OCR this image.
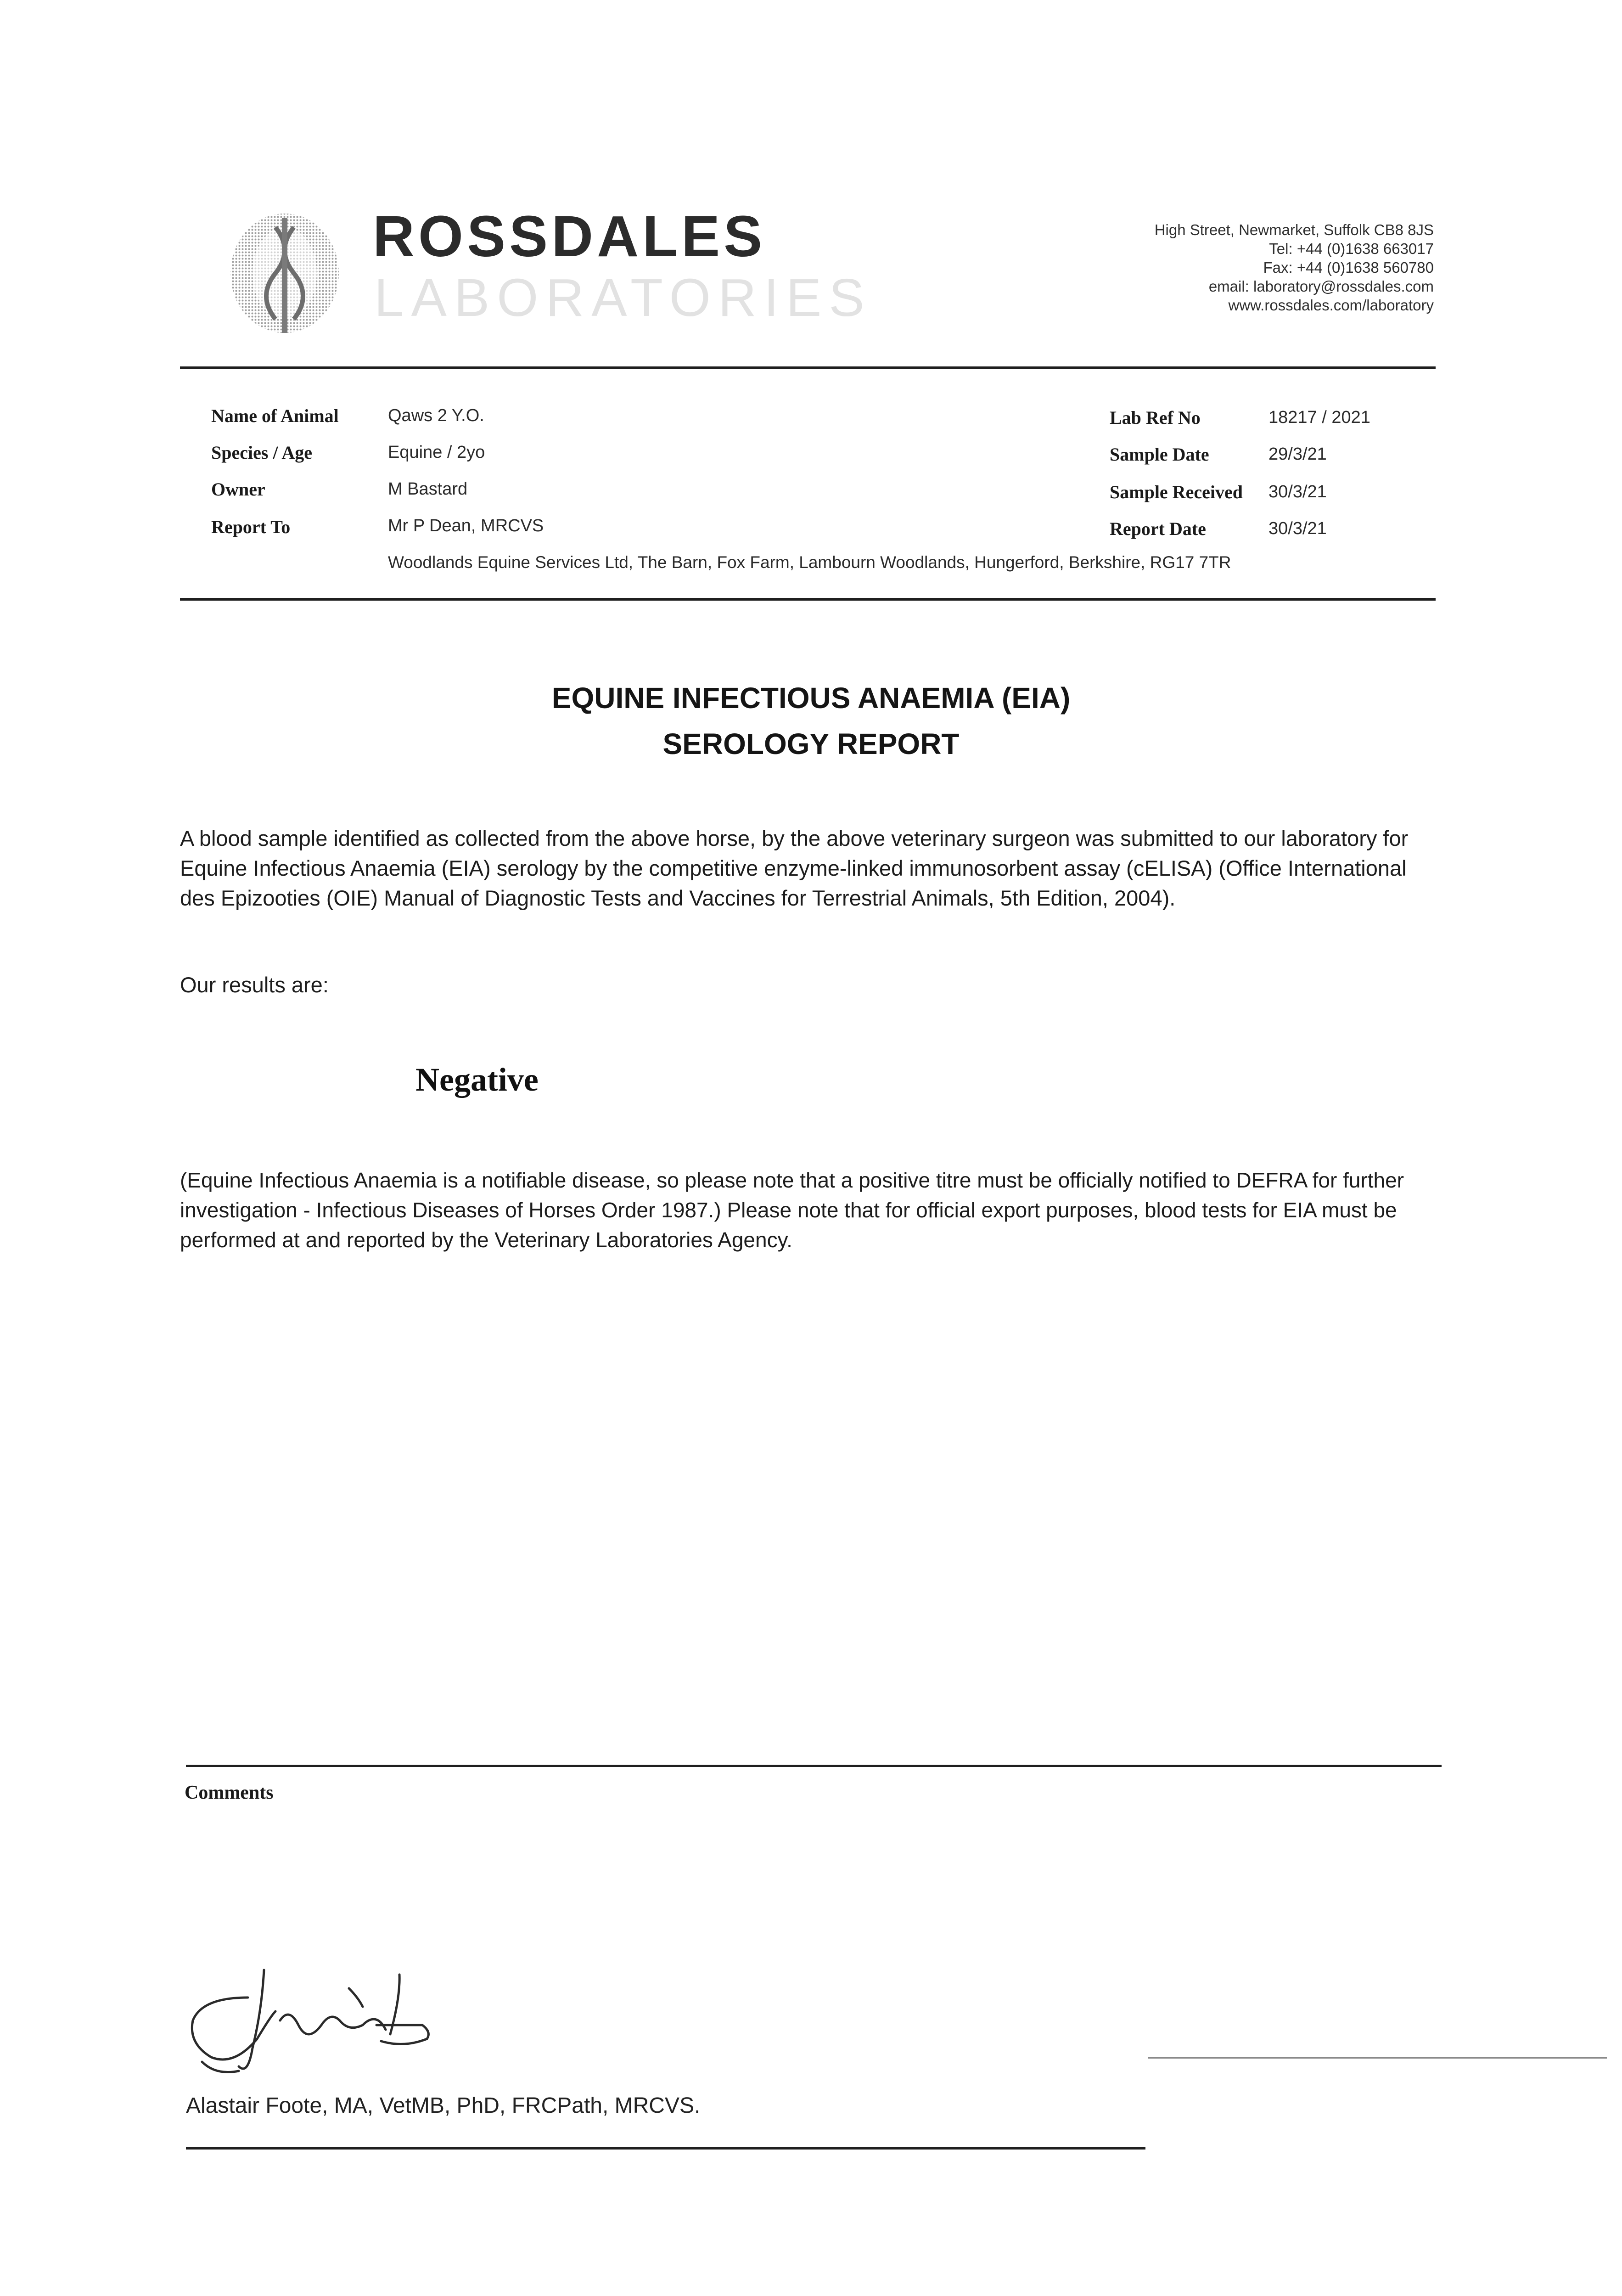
ROSSDALES
LABORATORIES
High Street, Newmarket, Suffolk CB8 8JS
Tel: +44 (0)1638 663017
Fax: +44 (0)1638 560780
email: laboratory@rossdales.com
www.rossdales.com/laboratory
Name of Animal	Qaws 2 Y.O.
Species / Age	Equine / 2yo
Owner	M Bastard
Report To	Mr P Dean, MRCVS
Woodlands Equine Services Ltd, The Barn, Fox Farm, Lambourn Woodlands, Hungerford, Berkshire, RG17 7TR
Lab Ref No	18217 / 2021
Sample Date	29/3/21
Sample Received 30/3/21
Report Date	30/3/21
EQUINE INFECTIOUS ANAEMIA (EIA)
SEROLOGY REPORT
A blood sample identified as collected from the above horse, by the above veterinary surgeon was submitted to our laboratory for Equine Infectious Anaemia (EIA) serology by the competitive enzyme-linked immunosorbent assay (cELISA) (Office International des Epizooties (OIE) Manual of Diagnostic Tests and Vaccines for Terrestrial Animals, 5th Edition, 2004).
Our results are:
Negative
(Equine Infectious Anaemia is a notifiable disease, so please note that a positive titre must be officially notified to DEFRA for further investigation - Infectious Diseases of Horses Order 1987.) Please note that for official export purposes, blood tests for EIA must be performed at and reported by the Veterinary Laboratories Agency.
Comments
Alastair Foote, MA, VetMB, PhD, FRCPath, MRCVS.
